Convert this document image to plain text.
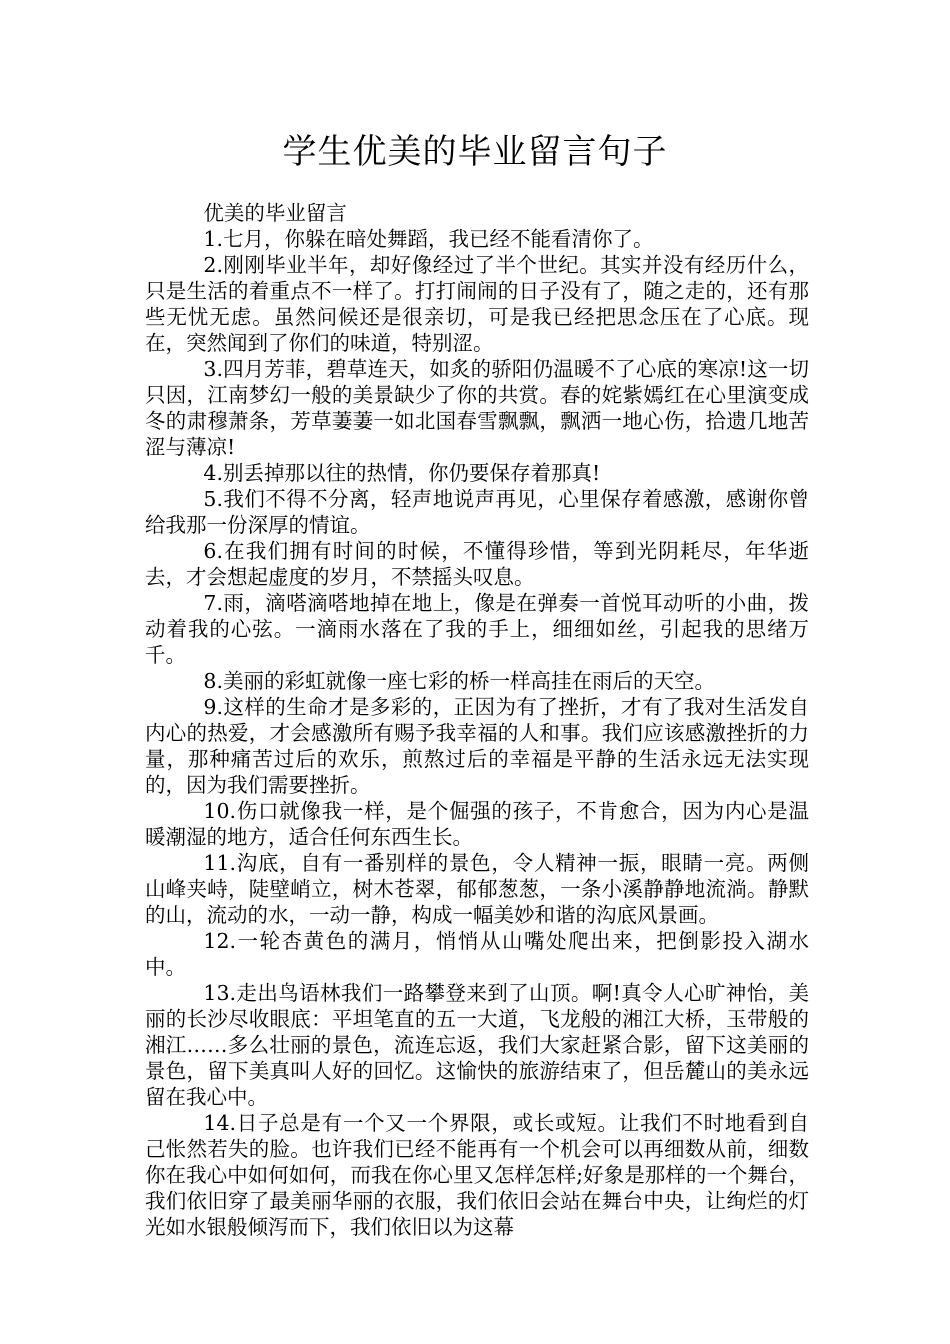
学生优美的毕业留言句子

优美的毕业留言

1.七月，你躲在暗处舞蹈，我已经不能看清你了。

2.刚刚毕业半年，却好像经过了半个世纪。其实并没有经历什么，只是生活的着重点不一样了。打打闹闹的日子没有了，随之走的，还有那些无忧无虑。虽然问候还是很亲切，可是我已经把思念压在了心底。现在，突然闻到了你们的味道，特别涩。

3.四月芳菲，碧草连天，如炙的骄阳仍温暖不了心底的寒凉!这一切只因，江南梦幻一般的美景缺少了你的共赏。春的姹紫嫣红在心里演变成冬的肃穆萧条，芳草萋萋一如北国春雪飘飘，飘洒一地心伤，拾遗几地苦涩与薄凉!

4.别丢掉那以往的热情，你仍要保存着那真!

5.我们不得不分离，轻声地说声再见，心里保存着感激，感谢你曾给我那一份深厚的情谊。

6.在我们拥有时间的时候，不懂得珍惜，等到光阴耗尽，年华逝去，才会想起虚度的岁月，不禁摇头叹息。

7.雨，滴嗒滴嗒地掉在地上，像是在弹奏一首悦耳动听的小曲，拨动着我的心弦。一滴雨水落在了我的手上，细细如丝，引起我的思绪万千。

8.美丽的彩虹就像一座七彩的桥一样高挂在雨后的天空。

9.这样的生命才是多彩的，正因为有了挫折，才有了我对生活发自内心的热爱，才会感激所有赐予我幸福的人和事。我们应该感激挫折的力量，那种痛苦过后的欢乐，煎熬过后的幸福是平静的生活永远无法实现的，因为我们需要挫折。

10.伤口就像我一样，是个倔强的孩子，不肯愈合，因为内心是温暖潮湿的地方，适合任何东西生长。

11.沟底，自有一番别样的景色，令人精神一振，眼睛一亮。两侧山峰夹峙，陡壁峭立，树木苍翠，郁郁葱葱，一条小溪静静地流淌。静默的山，流动的水，一动一静，构成一幅美妙和谐的沟底风景画。

12.一轮杏黄色的满月，悄悄从山嘴处爬出来，把倒影投入湖水中。

13.走出鸟语林我们一路攀登来到了山顶。啊!真令人心旷神怡，美丽的长沙尽收眼底：平坦笔直的五一大道，飞龙般的湘江大桥，玉带般的湘江……多么壮丽的景色，流连忘返，我们大家赶紧合影，留下这美丽的景色，留下美真叫人好的回忆。这愉快的旅游结束了，但岳麓山的美永远留在我心中。

14.日子总是有一个又一个界限，或长或短。让我们不时地看到自己怅然若失的脸。也许我们已经不能再有一个机会可以再细数从前，细数你在我心中如何如何，而我在你心里又怎样怎样;好象是那样的一个舞台，我们依旧穿了最美丽华丽的衣服，我们依旧会站在舞台中央，让绚烂的灯光如水银般倾泻而下，我们依旧以为这幕
